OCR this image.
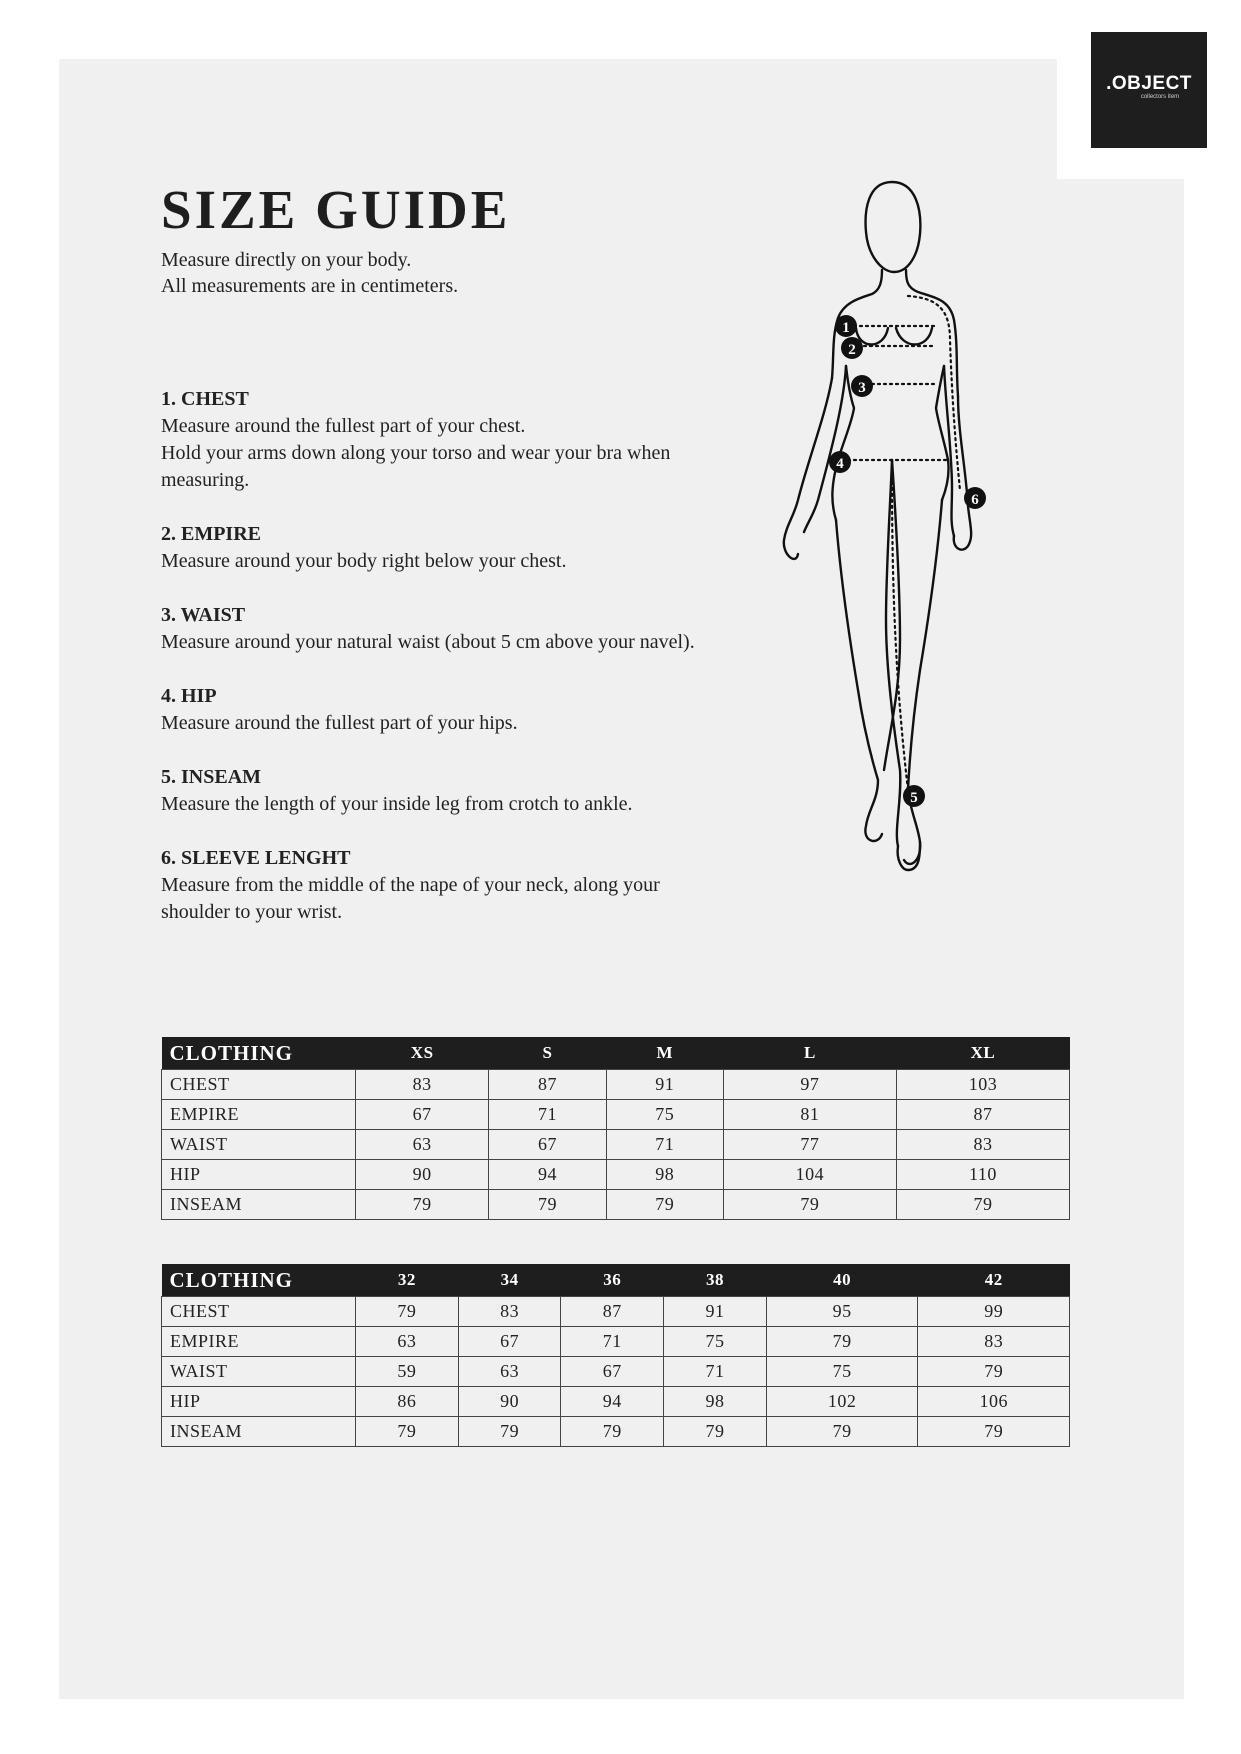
.OBJECT
collectors item
SIZE GUIDE
Measure directly on your body.
All measurements are in centimeters.
1. CHEST
Measure around the fullest part of your chest.
Hold your arms down along your torso and wear your bra when measuring.
2. EMPIRE
Measure around your body right below your chest.
3. WAIST
Measure around your natural waist (about 5 cm above your navel).
4. HIP
Measure around the fullest part of your hips.
5. INSEAM
Measure the length of your inside leg from crotch to ankle.
6. SLEEVE LENGHT
Measure from the middle of the nape of your neck, along your shoulder to your wrist.
1
2
3
4
5
6
CLOTHING	XS	S	M	L	XL
CHEST	83	87	91	97	103
EMPIRE	67	71	75	81	87
WAIST	63	67	71	77	83
HIP	90	94	98	104	110
INSEAM	79	79	79	79	79
CLOTHING	32	34	36	38	40	42
CHEST	79	83	87	91	95	99
EMPIRE	63	67	71	75	79	83
WAIST	59	63	67	71	75	79
HIP	86	90	94	98	102	106
INSEAM	79	79	79	79	79	79
